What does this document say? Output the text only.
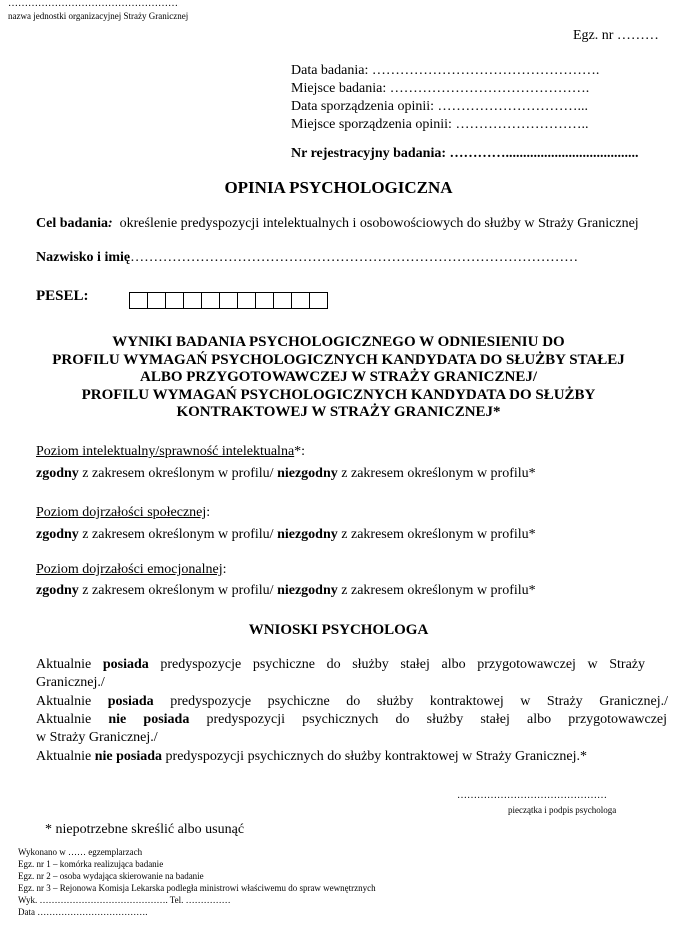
……………………………………………
nazwa jednostki organizacyjnej Straży Granicznej
Egz. nr ………
Data badania: ………………………………………….
Miejsce badania: …………………………………….
Data sporządzenia opinii: …………………………...
Miejsce sporządzenia opinii: ………………………..
Nr rejestracyjny badania: …………......................................
OPINIA PSYCHOLOGICZNA
Cel badania: określenie predyspozycji intelektualnych i osobowościowych do służby w Straży Granicznej
Nazwisko i imię……………………………………………………………………………………
PESEL:
WYNIKI BADANIA PSYCHOLOGICZNEGO W ODNIESIENIU DO
PROFILU WYMAGAŃ PSYCHOLOGICZNYCH KANDYDATA DO SŁUŻBY STAŁEJ
ALBO PRZYGOTOWAWCZEJ W STRAŻY GRANICZNEJ/
PROFILU WYMAGAŃ PSYCHOLOGICZNYCH KANDYDATA DO SŁUŻBY
KONTRAKTOWEJ W STRAŻY GRANICZNEJ*
Poziom intelektualny/sprawność intelektualna*:
zgodny z zakresem określonym w profilu/ niezgodny z zakresem określonym w profilu*
Poziom dojrzałości społecznej:
zgodny z zakresem określonym w profilu/ niezgodny z zakresem określonym w profilu*
Poziom dojrzałości emocjonalnej:
zgodny z zakresem określonym w profilu/ niezgodny z zakresem określonym w profilu*
WNIOSKI PSYCHOLOGA
Aktualnie posiada predyspozycje psychiczne do służby stałej albo przygotowawczej w Straży
Granicznej./
Aktualnie posiada predyspozycje psychiczne do służby kontraktowej w Straży Granicznej./
Aktualnie nie posiada predyspozycji psychicznych do służby stałej albo przygotowawczej
w Straży Granicznej./
Aktualnie nie posiada predyspozycji psychicznych do służby kontraktowej w Straży Granicznej.*
………………………………………
pieczątka i podpis psychologa
* niepotrzebne skreślić albo usunąć
Wykonano w …… egzemplarzach
Egz. nr 1 – komórka realizująca badanie
Egz. nr 2 – osoba wydająca skierowanie na badanie
Egz. nr 3 – Rejonowa Komisja Lekarska podległa ministrowi właściwemu do spraw wewnętrznych
Wyk. ……………………………………. Tel. ……………
Data ……………………………….
